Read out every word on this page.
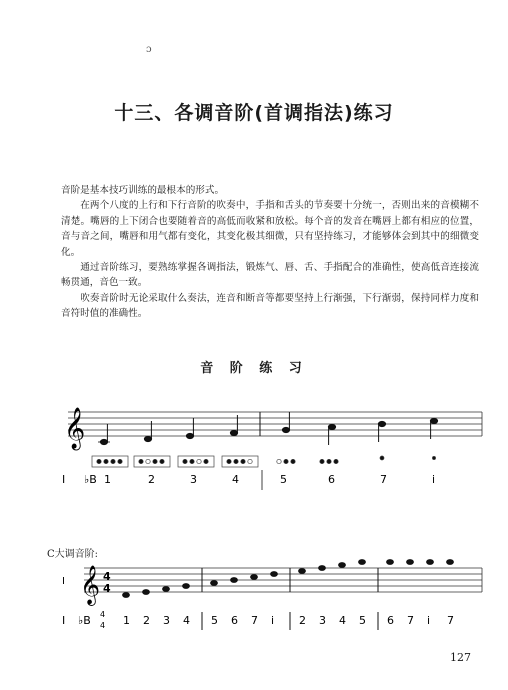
ɔ
十三、各调音阶(首调指法)练习

音阶是基本技巧训练的最根本的形式。

在两个八度的上行和下行音阶的吹奏中，手指和舌头的节奏要十分统一，否则出来的音模糊不清楚。嘴唇的上下闭合也要随着音的高低而收紧和放松。每个音的发音在嘴唇上都有相应的位置，音与音之间，嘴唇和用气都有变化，其变化极其细微，只有坚持练习，才能够体会到其中的细微变化。

通过音阶练习，要熟练掌握各调指法，锻炼气、唇、舌、手指配合的准确性，使高低音连接流畅贯通，音色一致。

吹奏音阶时无论采取什么奏法，连音和断音等都要坚持上行渐强，下行渐弱，保持同样力度和音符时值的准确性。

音 阶 练 习
𝄞
I ♭B 1	2	3	4	5	6	7	i
C大调音阶:
𝄞
I	4
4
I ♭B 4
4 1 2 3 4 5 6 7 i 2 3 4 5 6 7 i 7
127
